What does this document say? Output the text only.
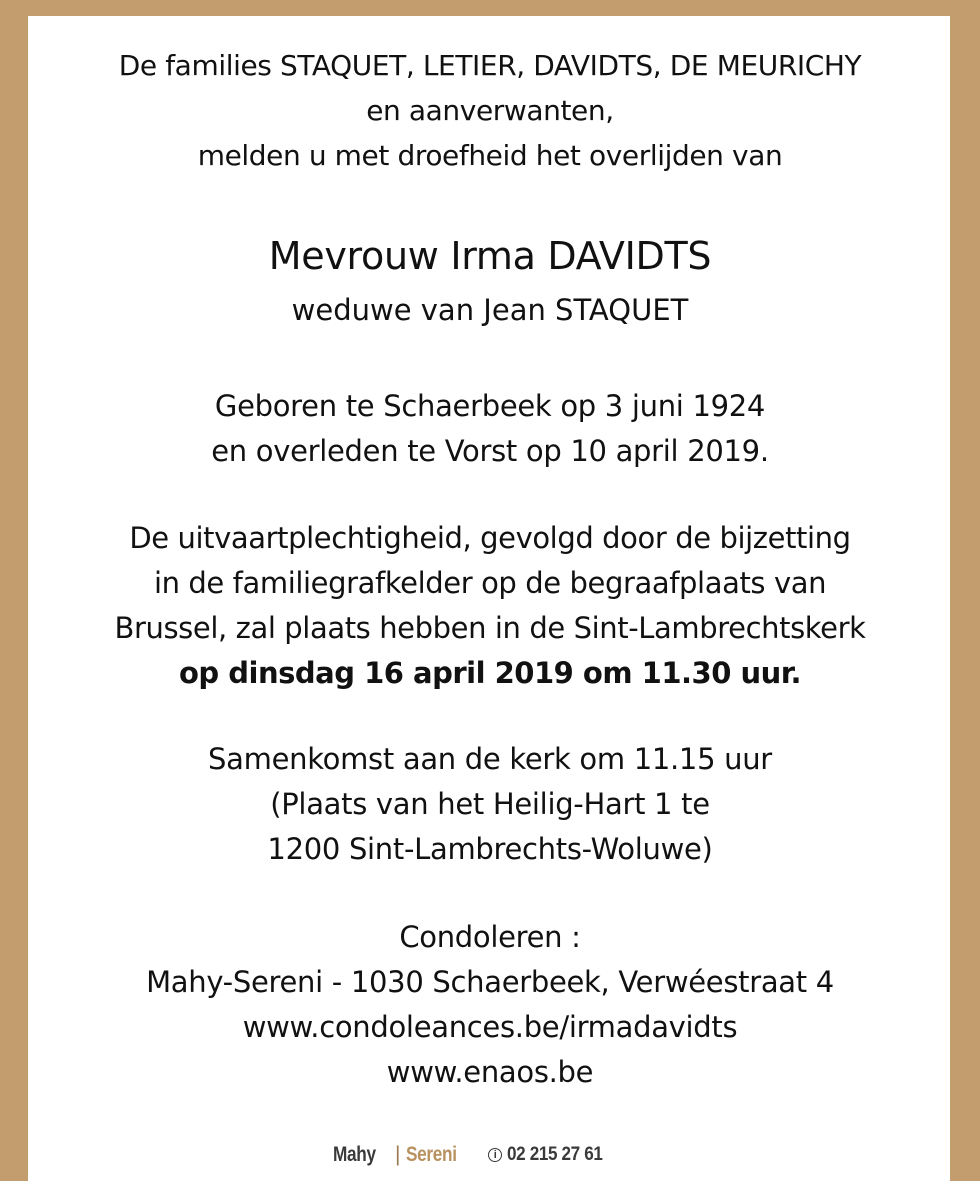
De families STAQUET, LETIER, DAVIDTS, DE MEURICHY
en aanverwanten,
melden u met droefheid het overlijden van
Mevrouw Irma DAVIDTS
weduwe van Jean STAQUET
Geboren te Schaerbeek op 3 juni 1924
en overleden te Vorst op 10 april 2019.
De uitvaartplechtigheid, gevolgd door de bijzetting
in de familiegrafkelder op de begraafplaats van
Brussel, zal plaats hebben in de Sint-Lambrechtskerk
op dinsdag 16 april 2019 om 11.30 uur.
Samenkomst aan de kerk om 11.15 uur
(Plaats van het Heilig-Hart 1 te
1200 Sint-Lambrechts-Woluwe)
Condoleren :
Mahy-Sereni - 1030 Schaerbeek, Verwéestraat 4
www.condoleances.be/irmadavidts
www.enaos.be
Mahy | Sereni	i 02 215 27 61
